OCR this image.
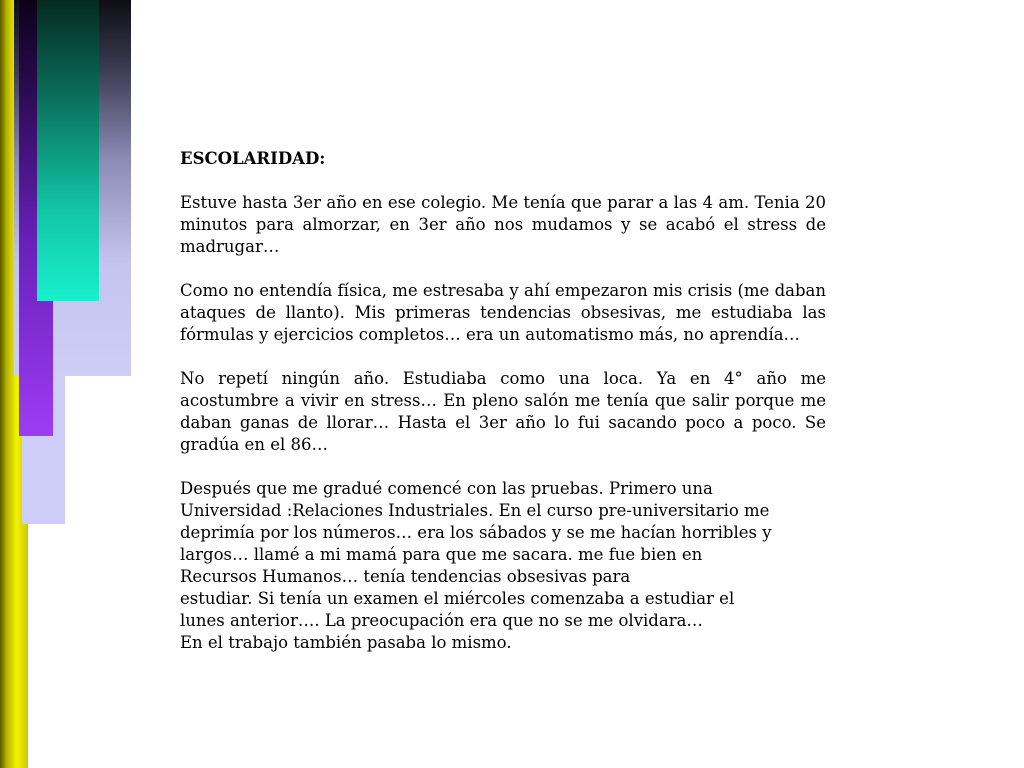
ESCOLARIDAD:

Estuve hasta 3er año en ese colegio. Me tenía que parar a las 4 am. Tenia 20 minutos para almorzar, en 3er año nos mudamos y se acabó el stress de madrugar…

Como no entendía física, me estresaba y ahí empezaron mis crisis (me daban ataques de llanto). Mis primeras tendencias obsesivas, me estudiaba las fórmulas y ejercicios completos… era un automatismo más, no aprendía…

No repetí ningún año. Estudiaba como una loca. Ya en 4° año me acostumbre a vivir en stress… En pleno salón me tenía que salir porque me daban ganas de llorar… Hasta el 3er año lo fui sacando poco a poco. Se gradúa en el 86…

Después que me gradué comencé con las pruebas. Primero una
Universidad :Relaciones Industriales. En el curso pre-universitario me
deprimía por los números… era los sábados y se me hacían horribles y
largos… llamé a mi mamá para que me sacara. me fue bien en
Recursos Humanos… tenía tendencias obsesivas para
estudiar. Si tenía un examen el miércoles comenzaba a estudiar el
lunes anterior…. La preocupación era que no se me olvidara…
En el trabajo también pasaba lo mismo.
